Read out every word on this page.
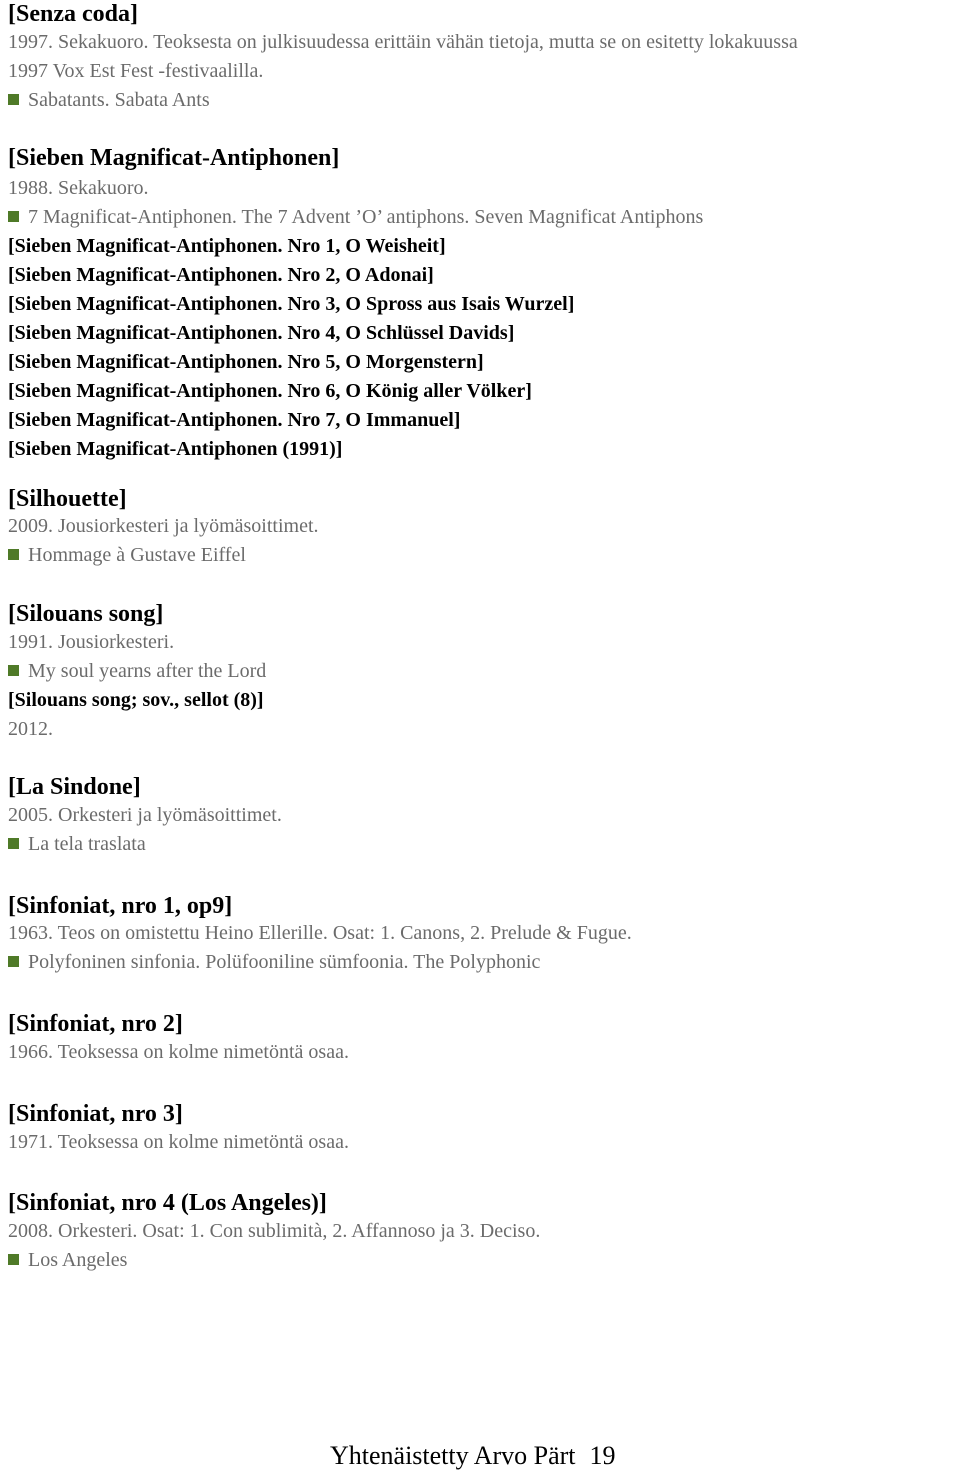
[Senza coda]
1997. Sekakuoro. Teoksesta on julkisuudessa erittäin vähän tietoja, mutta se on esitetty lokakuussa
1997 Vox Est Fest -festivaalilla.
Sabatants. Sabata Ants
[Sieben Magnificat-Antiphonen]
1988. Sekakuoro.
7 Magnificat-Antiphonen. The 7 Advent ’O’ antiphons. Seven Magnificat Antiphons
[Sieben Magnificat-Antiphonen. Nro 1, O Weisheit]
[Sieben Magnificat-Antiphonen. Nro 2, O Adonai]
[Sieben Magnificat-Antiphonen. Nro 3, O Spross aus Isais Wurzel]
[Sieben Magnificat-Antiphonen. Nro 4, O Schlüssel Davids]
[Sieben Magnificat-Antiphonen. Nro 5, O Morgenstern]
[Sieben Magnificat-Antiphonen. Nro 6, O König aller Völker]
[Sieben Magnificat-Antiphonen. Nro 7, O Immanuel]
[Sieben Magnificat-Antiphonen (1991)]
[Silhouette]
2009. Jousiorkesteri ja lyömäsoittimet.
Hommage à Gustave Eiffel
[Silouans song]
1991. Jousiorkesteri.
My soul yearns after the Lord
[Silouans song; sov., sellot (8)]
2012.
[La Sindone]
2005. Orkesteri ja lyömäsoittimet.
La tela traslata
[Sinfoniat, nro 1, op9]
1963. Teos on omistettu Heino Ellerille. Osat: 1. Canons, 2. Prelude & Fugue.
Polyfoninen sinfonia. Polüfooniline sümfoonia. The Polyphonic
[Sinfoniat, nro 2]
1966. Teoksessa on kolme nimetöntä osaa.
[Sinfoniat, nro 3]
1971. Teoksessa on kolme nimetöntä osaa.
[Sinfoniat, nro 4 (Los Angeles)]
2008. Orkesteri. Osat: 1. Con sublimità, 2. Affannoso ja 3. Deciso.
Los Angeles
Yhtenäistetty Arvo Pärt 19
